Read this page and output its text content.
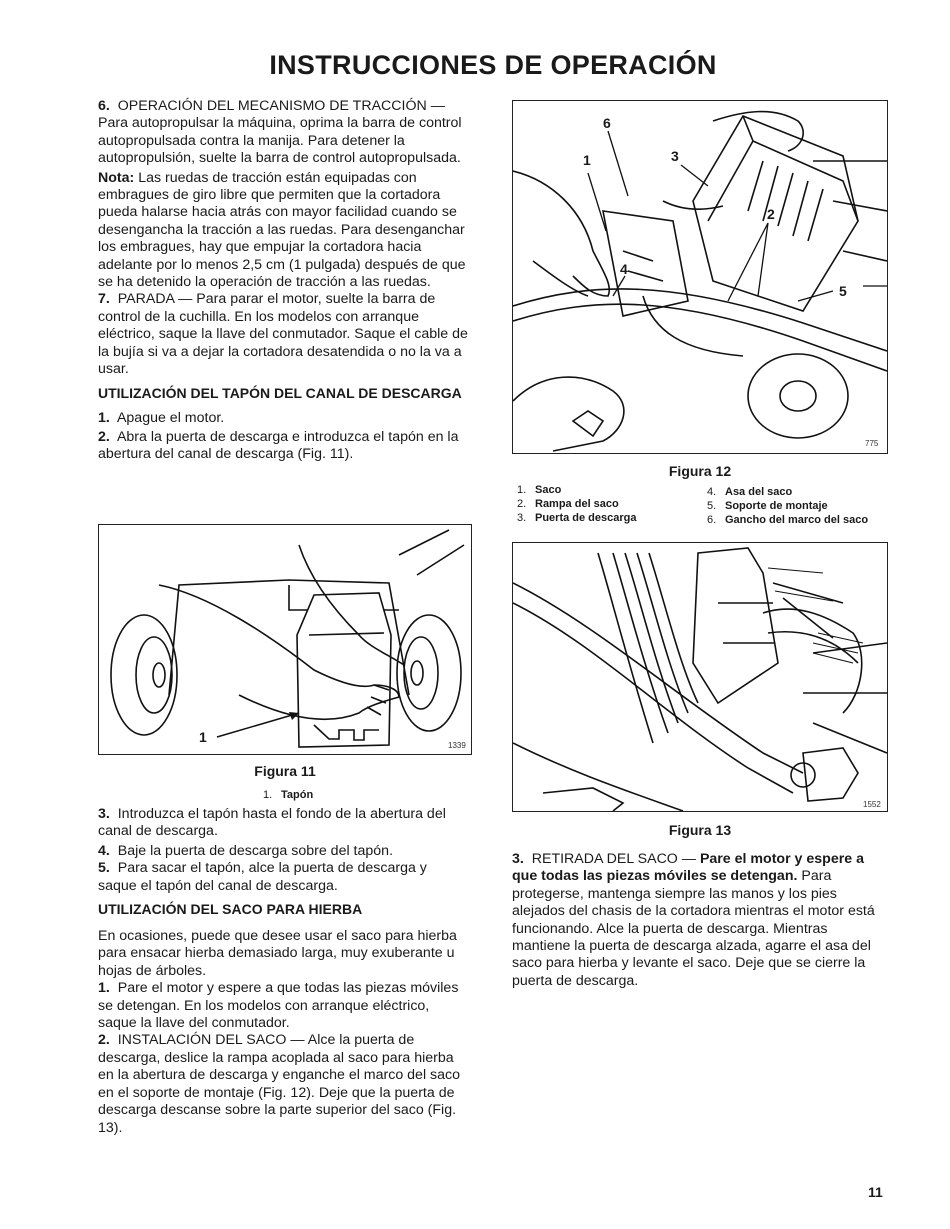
INSTRUCCIONES DE OPERACIÓN

6. OPERACIÓN DEL MECANISMO DE TRACCIÓN — Para autopropulsar la máquina, oprima la barra de control autopropulsada contra la manija. Para detener la autopropulsión, suelte la barra de control autopropulsada.

Nota: Las ruedas de tracción están equipadas con embragues de giro libre que permiten que la cortadora pueda halarse hacia atrás con mayor facilidad cuando se desengancha la tracción a las ruedas. Para desenganchar los embragues, hay que empujar la cortadora hacia adelante por lo menos 2,5 cm (1 pulgada) después de que se ha detenido la operación de tracción a las ruedas.

7. PARADA — Para parar el motor, suelte la barra de control de la cuchilla. En los modelos con arranque eléctrico, saque la llave del conmutador. Saque el cable de la bujía si va a dejar la cortadora desatendida o no la va a usar.

UTILIZACIÓN DEL TAPÓN DEL CANAL DE DESCARGA

1. Apague el motor.

2. Abra la puerta de descarga e introduzca el tapón en la abertura del canal de descarga (Fig. 11).

1
1339
Figura 11
1. Tapón

3. Introduzca el tapón hasta el fondo de la abertura del canal de descarga.

4. Baje la puerta de descarga sobre del tapón.

5. Para sacar el tapón, alce la puerta de descarga y saque el tapón del canal de descarga.

UTILIZACIÓN DEL SACO PARA HIERBA

En ocasiones, puede que desee usar el saco para hierba para ensacar hierba demasiado larga, muy exuberante u hojas de árboles.

1. Pare el motor y espere a que todas las piezas móviles se detengan. En los modelos con arranque eléctrico, saque la llave del conmutador.

2. INSTALACIÓN DEL SACO — Alce la puerta de descarga, deslice la rampa acoplada al saco para hierba en la abertura de descarga y enganche el marco del saco en el soporte de montaje (Fig. 12). Deje que la puerta de descarga descanse sobre la parte superior del saco (Fig. 13).

6
1	3
2
4
5
775
Figura 12
1. Saco
2. Rampa del saco
3. Puerta de descarga
4. Asa del saco
5. Soporte de montaje
6. Gancho del marco del saco
1552
Figura 13

3. RETIRADA DEL SACO — Pare el motor y espere a que todas las piezas móviles se detengan. Para protegerse, mantenga siempre las manos y los pies alejados del chasis de la cortadora mientras el motor está funcionando. Alce la puerta de descarga. Mientras mantiene la puerta de descarga alzada, agarre el asa del saco para hierba y levante el saco. Deje que se cierre la puerta de descarga.

11
